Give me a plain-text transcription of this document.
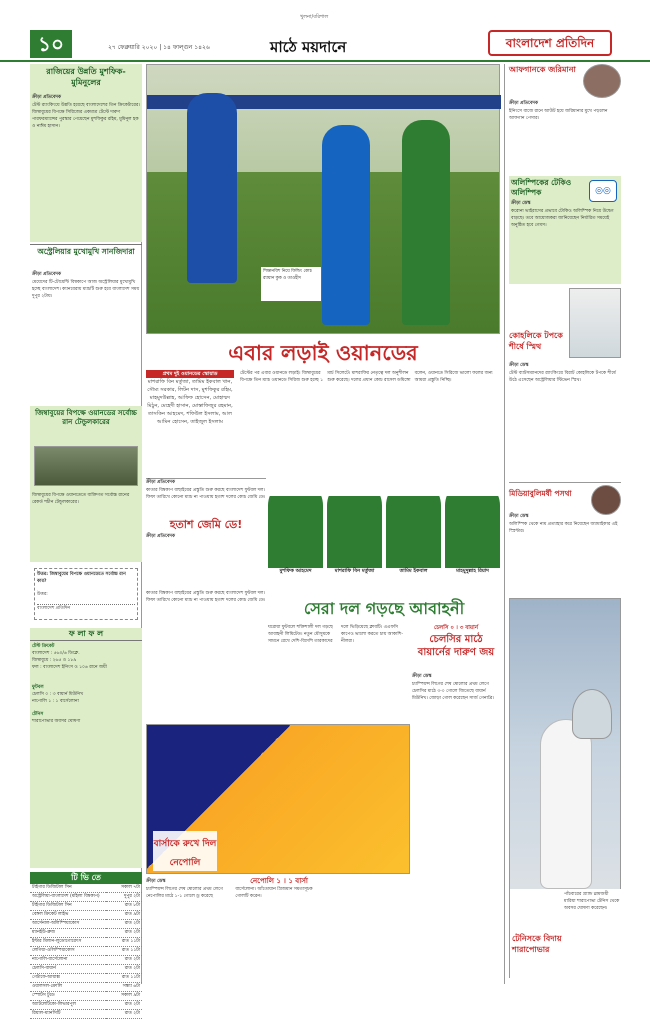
১০
খুলনা/বরিশাল
২৭ ফেব্রুয়ারি ২০২০ | ১৪ ফাল্গুন ১৪২৬	মাঠে ময়দানে	বাংলাদেশ প্রতিদিন
রাজিয়ের উন্নতি মুশফিক-মুমিনুলের
ক্রীড়া প্রতিবেদক
টেস্ট র‍্যাংকিংয়ে উন্নতি হয়েছে বাংলাদেশের তিন ক্রিকেটারের। জিম্বাবুয়ের বিপক্ষে সিরিজের একমাত্র টেস্টে দারুণ পারফরম্যান্সের পুরস্কার পেয়েছেন মুশফিকুর রহিম, মুমিনুল হক ও নাঈম হাসান।
অস্ট্রেলিয়ার মুখোমুখি সানজিদারা
ক্রীড়া প্রতিবেদক
মেয়েদের টি-টোয়েন্টি বিশ্বকাপে আজ অস্ট্রেলিয়ার মুখোমুখি হচ্ছে বাংলাদেশ। ক্যানবেরায় ম্যাচটি শুরু হবে বাংলাদেশ সময় দুপুর ২টায়।
জিম্বাবুয়ের বিপক্ষে ওয়ানডের সর্বোচ্চ রান টেন্ডুলকারের
জিম্বাবুয়ের বিপক্ষে ওয়ানডেতে ব্যক্তিগত সর্বোচ্চ রানের রেকর্ড শচীন টেন্ডুলকারের।
উত্তর: জিম্বাবুয়ের বিপক্ষে ওয়ানডেতে সর্বোচ্চ রান কার?
উত্তর:
বাংলাদেশ প্রতিদিন
ফ লা ফ ল
টেস্ট ক্রিকেট
বাংলাদেশ : ৫৬০/৬ ডিক্লে.
জিম্বাবুয়ে : ২৬৫ ও ১৮৯
ফল : বাংলাদেশ ইনিংস ও ১০৬ রানে জয়ী
ফুটবল
চেলসি ০ : ৩ বায়ার্ন মিউনিখ
নাপোলি ১ : ১ বার্সেলোনা
টেনিস
শারাপোভার অবসর ঘোষণা
টি ভি তে
টাইগার ডিজিটাল সিন	সকাল ৭টা
অস্ট্রেলিয়া-বাংলাদেশ (মহিলা বিশ্বকাপ)	দুপুর ২টা
টাইগার ডিজিটাল সিন	রাত ৮টা
বেঙ্গল ক্রিকেট লাইভ	রাত ৯টা
আর্সেনাল-অলিম্পিয়াকোস	রাত ২টা
ম্যানইউ-ব্রুজ	রাত ২টা
ইন্টার মিলান-লুডোগোরেৎস	রাত ১১টা
লেগিয়া-ওলিম্পিয়াকোস	রাত ১১টা
নাপোলি-বার্সেলোনা	রাত ২টা
চেলসি-বায়ার্ন	রাত ২টা
গেটাফে-আয়াক্স	রাত ১১টা
ওয়ালসল-ক্রোলি	সন্ধ্যা ৬টা
স্পোর্টস টুডে	সকাল ৯টা
অ্যাটলেটিকো-লিভারপুল	রাত ২টা
রিয়াল-ম্যানসিটি	রাত ২টা
শিক্ষানবিশ নিয়ে ফিল্ডিং কোচ র‍্যায়ান কুক ও তাওহীদ
এবার লড়াই ওয়ানডের
প্রথম দুই ওয়ানডের স্কোয়াড
মাশরাফি বিন মর্তুজা, তামিম ইকবাল খান, সৌম্য সরকার, লিটন দাস, মুশফিকুর রহিম, মাহমুদউল্লাহ, আফিফ হোসেন, মোহাম্মদ মিঠুন, মেহেদী হাসান, মোস্তাফিজুর রহমান, তাসকিন আহমেদ, শফিউল ইসলাম, আল আমিন হোসেন, তাইজুল ইসলাম
টেস্টের পর এবার ওয়ানডে লড়াই। জিম্বাবুয়ের বিপক্ষে তিন ম্যাচ ওয়ানডে সিরিজ শুরু হচ্ছে ১ মার্চ সিলেটে। মাশরাফির নেতৃত্বে দল অনুশীলন শুরু করেছে। দলের প্রধান কোচ রাসেল ডমিঙ্গো বলেন, ওয়ানডে সিরিজে ভালো ফলের জন্য আমরা প্রস্তুতি নিচ্ছি।
ক্রীড়া প্রতিবেদক
কাতার বিশ্বকাপ বাছাইয়ের প্রস্তুতি শুরু করছে বাংলাদেশ ফুটবল দল। ফিফা তারিখে কোনো ম্যাচ না পাওয়ায় হতাশ দলের কোচ জেমি ডে।
হতাশ জেমি ডে!
ক্রীড়া প্রতিবেদক
মুশফিক আহমেদ	মাশরাফি বিন মর্তুজা	তামিম ইকবাল	মাহমুদুল্লাহ রিয়াদ
সেরা দল গড়ছে আবাহনী
কাতার বিশ্বকাপ বাছাইয়ের প্রস্তুতি শুরু করছে বাংলাদেশ ফুটবল দল। ফিফা তারিখে কোনো ম্যাচ না পাওয়ায় হতাশ দলের কোচ জেমি ডে।
ঘরোয়া ফুটবলে শক্তিশালী দল গড়ছে আবাহনী লিমিটেড। নতুন মৌসুমকে সামনে রেখে দেশি-বিদেশি তারকাদের দলে ভিড়িয়েছে ক্লাবটি। এএফসি কাপেও ভালো করতে চায় আকাশি-নীলরা।
চেলসি ০ । ৩ বায়ার্ন
চেলসির মাঠে বায়ার্নের দারুণ জয়
ক্রীড়া ডেস্ক
চ্যাম্পিয়ন্স লিগের শেষ ষোলোর প্রথম লেগে চেলসির মাঠে ৩-০ গোলে জিতেছে বায়ার্ন মিউনিখ। জোড়া গোল করেছেন সার্জ গেনাব্রি।
বার্সাকে রুখে দিল নেপোলি
ক্রীড়া ডেস্ক
চ্যাম্পিয়ন্স লিগের শেষ ষোলোর প্রথম লেগে নেপোলির মাঠে ১-১ গোলে ড্র করেছে বার্সেলোনা। আঁতোয়ান গ্রিজমান সমতাসূচক গোলটি করেন।
নেপোলি ১ । ১ বার্সা
আফগানকে জরিমানা
ক্রীড়া প্রতিবেদক
ইনিংসে বাজে রানে আউট হয়ে জরিমানার মুখে পড়লেন আফগান পেসার।
অলিম্পিকের টেকিও অলিম্পিক	◎◎
ক্রীড়া ডেস্ক
করোনা ভাইরাসের প্রভাবে টোকিও অলিম্পিক নিয়ে উদ্বেগ বাড়ছে। তবে আয়োজকরা জানিয়েছেন নির্ধারিত সময়েই অনুষ্ঠিত হবে গেমস।
কোহলিকে টপকে শীর্ষে স্মিথ
ক্রীড়া ডেস্ক
টেস্ট ব্যাটসম্যানদের র‍্যাংকিংয়ে বিরাট কোহলিকে টপকে শীর্ষে উঠে এসেছেন অস্ট্রেলিয়ার স্টিভেন স্মিথ।
মিডিয়াবুলিমর্ষী পসথা
ক্রীড়া ডেস্ক
অলিম্পিক থেকে নাম প্রত্যাহার করে নিয়েছেন জ্যামাইকার এই স্প্রিন্টার।
পাঁচবারের গ্র্যান্ড স্লামজয়ী মারিয়া শারাপোভা টেনিস থেকে অবসর ঘোষণা করেছেন।
টেনিসকে বিদায় শারাপোভার
